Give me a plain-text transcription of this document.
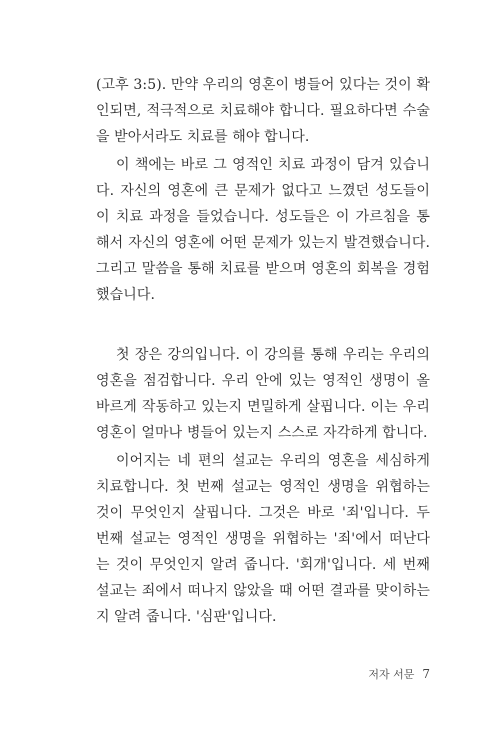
(고후 3:5). 만약 우리의 영혼이 병들어 있다는 것이 확인되면, 적극적으로 치료해야 합니다. 필요하다면 수술을 받아서라도 치료를 해야 합니다.

이 책에는 바로 그 영적인 치료 과정이 담겨 있습니다. 자신의 영혼에 큰 문제가 없다고 느꼈던 성도들이 이 치료 과정을 들었습니다. 성도들은 이 가르침을 통해서 자신의 영혼에 어떤 문제가 있는지 발견했습니다. 그리고 말씀을 통해 치료를 받으며 영혼의 회복을 경험했습니다.

첫 장은 강의입니다. 이 강의를 통해 우리는 우리의 영혼을 점검합니다. 우리 안에 있는 영적인 생명이 올바르게 작동하고 있는지 면밀하게 살핍니다. 이는 우리 영혼이 얼마나 병들어 있는지 스스로 자각하게 합니다.

이어지는 네 편의 설교는 우리의 영혼을 세심하게 치료합니다. 첫 번째 설교는 영적인 생명을 위협하는 것이 무엇인지 살핍니다. 그것은 바로 '죄'입니다. 두 번째 설교는 영적인 생명을 위협하는 '죄'에서 떠난다는 것이 무엇인지 알려 줍니다. '회개'입니다. 세 번째 설교는 죄에서 떠나지 않았을 때 어떤 결과를 맞이하는지 알려 줍니다. '심판'입니다.

저자 서문 7
